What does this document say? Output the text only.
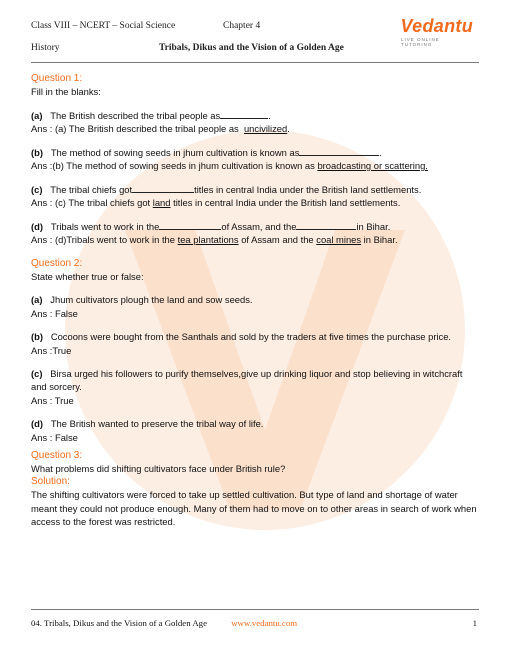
Class VIII – NCERT – Social Science	Chapter 4
History	Tribals, Dikus and the Vision of a Golden Age
Vedantu
LIVE ONLINE TUTORING

Question 1:

Fill in the blanks:

(a) The British described the tribal people as	.

Ans : (a) The British described the tribal people as uncivilized.

(b) The method of sowing seeds in jhum cultivation is known as	.

Ans :(b) The method of sowing seeds in jhum cultivation is known as broadcasting or scattering.

(c) The tribal chiefs got	titles in central India under the British land settlements.

Ans : (c) The tribal chiefs got land titles in central India under the British land settlements.

(d) Tribals went to work in the	of Assam, and the	in Bihar.

Ans : (d)Tribals went to work in the tea plantations of Assam and the coal mines in Bihar.

Question 2:

State whether true or false:

(a) Jhum cultivators plough the land and sow seeds.

Ans : False

(b) Cocoons were bought from the Santhals and sold by the traders at five times the purchase price.

Ans :True

(c) Birsa urged his followers to purify themselves,give up drinking liquor and stop believing in witchcraft and sorcery.

Ans : True

(d) The British wanted to preserve the tribal way of life.

Ans : False

Question 3:

What problems did shifting cultivators face under British rule?

Solution:

The shifting cultivators were forced to take up settled cultivation. But type of land and shortage of water meant they could not produce enough. Many of them had to move on to other areas in search of work when access to the forest was restricted.

04. Tribals, Dikus and the Vision of a Golden Age	www.vedantu.com	1
